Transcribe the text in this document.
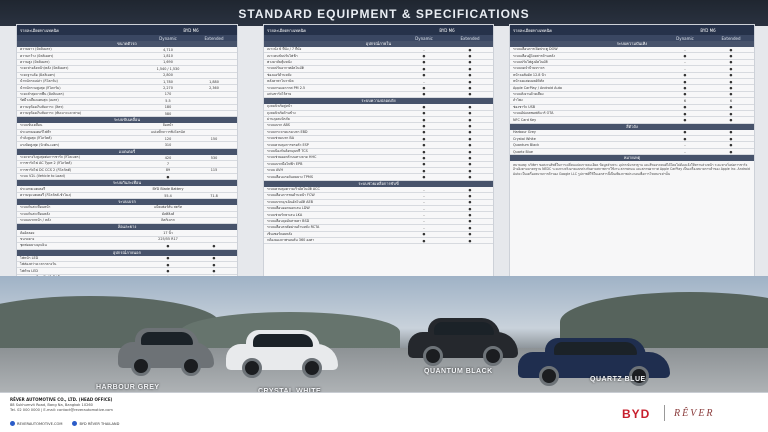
STANDARD EQUIPMENT & SPECIFICATIONS
รายละเอียดทางเทคนิค	BYD M6
Dynamic	Extended
ขนาดตัวรถ
ความยาว (มิลลิเมตร)	4,710
ความกว้าง (มิลลิเมตร)	1,810
ความสูง (มิลลิเมตร)	1,690
ระยะห่างล้อหน้า/หลัง (มิลลิเมตร)	1,540 / 1,530
ระยะฐานล้อ (มิลลิเมตร)	2,800
น้ำหนักรถเปล่า (กิโลกรัม)	1,780	1,880
น้ำหนักรวมสูงสุด (กิโลกรัม)	2,270	2,360
ระยะต่ำสุดจากพื้น (มิลลิเมตร)	170
รัศมีวงเลี้ยงแคบสุด (เมตร)	5.5
ความจุห้องเก็บสัมภาระ (ลิตร)	180
ความจุห้องเก็บสัมภาระ (พับเบาะแถวสาม)	580
ระบบขับเคลื่อน
ระบบขับเคลื่อน	ล้อหน้า
ประเภทมอเตอร์ไฟฟ้า	แม่เหล็กถาวรซิงโครนัส
กำลังสูงสุด (กิโลวัตต์)	120	150
แรงบิดสูงสุด (นิวตัน-เมตร)	310
แบตเตอรี่
ระยะทางวิ่งสูงสุดต่อการชาร์จ (กิโลเมตร)	420	530
การชาร์จไฟ AC Type 2 (กิโลวัตต์)	7
การชาร์จไฟ DC CCS 2 (กิโลวัตต์)	89	115
ระบบ V2L (Vehicle to Load)	●
ระบบกันสะเทือน
ประเภทแบตเตอรี่	BYD Blade Battery
ความจุแบตเตอรี่ (กิโลวัตต์-ชั่วโมง)	55.4	71.8
ระบบเบรก
ระบบกันสะเทือนหน้า	แม็คเฟอร์สัน สตรัท
ระบบกันสะเทือนหลัง	มัลติลิงค์
ระบบเบรกหน้า / หลัง	ดิสก์เบรก
ล้อและยาง
ล้ออัลลอย	17 นิ้ว
ขนาดยาง	225/55 R17
ชุดซ่อมยางฉุกเฉิน	●	●
อุปกรณ์ภายนอก
ไฟหน้า LED	●	●
ไฟส่องสว่างเวลากลางวัน	●	●
ไฟท้าย LED	●	●
รายละเอียดทางเทคนิค	BYD M6
Dynamic	Extended
อุปกรณ์ภายใน
เบาะนั่ง 6 ที่นั่ง / 7 ที่นั่ง	–	●
เบาะคนขับปรับไฟฟ้า	●	●
พวงมาลัยหุ้มหนัง	●	●
ระบบปรับอากาศอัตโนมัติ	●	●
ช่องแอร์ด้านหลัง	●	●
หลังคาพาโนรามิค	–	●
ระบบกรองอากาศ PM 2.5	●	●
แท่นชาร์จไร้สาย	●	●
ระบบความปลอดภัย
ถุงลมนิรภัยคู่หน้า	●	●
ถุงลมนิรภัยด้านข้าง	●	●
ม่านถุงลมนิรภัย	●	●
ระบบเบรก ABS	●	●
ระบบกระจายแรงเบรก EBD	●	●
ระบบช่วยเบรก BA	●	●
ระบบควบคุมการทรงตัว ESP	●	●
ระบบป้องกันล้อหมุนฟรี TCS	●	●
ระบบช่วยออกตัวบนทางลาด HHC	●	●
ระบบเบรกมือไฟฟ้า EPB	●	●
ระบบ AVH	●	●
ระบบเตือนแรงดันลมยาง TPMS	●	●
ระบบช่วยเหลือการขับขี่
ระบบควบคุมความเร็วอัตโนมัติ ACC	–	●
ระบบเตือนการชนด้านหน้า FCW	–	●
ระบบเบรกฉุกเฉินอัตโนมัติ AEB	–	●
ระบบเตือนออกนอกเลน LDW	–	●
ระบบช่วยรักษาเลน LKA	–	●
ระบบเตือนจุดอับสายตา BSD	–	●
ระบบเตือนรถตัดผ่านด้านหลัง RCTA	–	●
เซ็นเซอร์ถอยหลัง	●	●
กล้องมองภาพรอบคัน 360 องศา	●	●
รายละเอียดทางเทคนิค	BYD M6
Dynamic	Extended
ระบบความบันเทิง
ระบบเตือนการเปิดประตู DOW	–	●
ระบบเตือนผู้โดยสารด้านหลัง	●	●
ระบบปรับไฟสูงอัตโนมัติ	–	●
ระบบจดจำป้ายจราจร	–	●
หน้าจอสัมผัส 12.8 นิ้ว	●	●
หน้าจอแสดงผลดิจิทัล	●	●
Apple CarPlay / Android Auto	●	●
ระบบสั่งงานด้วยเสียง	●	●
ลำโพง	6	6
ช่องชาร์จ USB	●	●
ระบบอัปเดตซอฟต์แวร์ OTA	●	●
NFC Card Key	●	●
สีตัวถัง
Harbour Grey	●	●
Crystal White	●	●
Quantum Black	–	●
Quartz Blue	–	●
หมายเหตุ
หมายเหตุ: บริษัทฯ ขอสงวนสิทธิ์ในการเปลี่ยนแปลงรายละเอียด ข้อมูลจำเพาะ อุปกรณ์มาตรฐาน และสีของรถยนต์ได้โดยไม่ต้องแจ้งให้ทราบล่วงหน้า ระยะทางวิ่งต่อการชาร์จอ้างอิงตามมาตรฐาน NEDC ระยะทางจริงอาจแตกต่างกันตามสภาพการใช้งาน สภาพถนน และสภาพอากาศ Apple CarPlay เป็นเครื่องหมายการค้าของ Apple Inc. Android Auto เป็นเครื่องหมายการค้าของ Google LLC รูปภาพที่ใช้ในเอกสารนี้เป็นเพียงภาพประกอบเพื่อการโฆษณาเท่านั้น
HARBOUR GREY
QUANTUM BLACK
QUARTZ BLUE
RÊVER AUTOMOTIVE CO., LTD. (HEAD OFFICE)
88 Sukhumvit Road, Bang Na, Bangkok 10260
Tel. 02 000 0000 | E-mail: contact@reverautomotive.com
REVERAUTOMOTIVE.COM	BYD RÊVER THAILAND
BYD RÊVER
